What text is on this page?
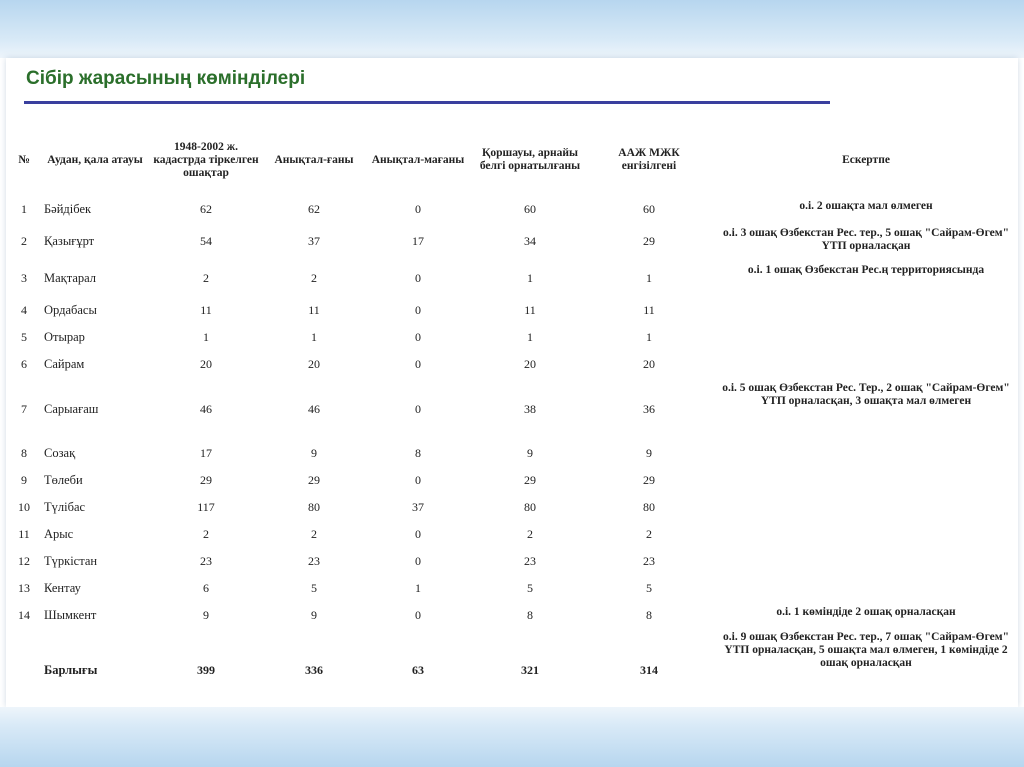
Сібір жарасының көміндiлерi
№	Аудан, қала атауы	1948-2002 ж. кадастрда тіркелген ошақтар	Анықтал-ғаны	Анықтал-мағаны	Қоршауы, арнайы белгі орнатылғаны	ААЖ МЖК енгізілгені	Ескертпе
1	Бәйдібек	62	62	0	60	60	о.і. 2 ошақта мал өлмеген
2	Қазығұрт	54	37	17	34	29	о.і. 3 ошақ Өзбекстан Рес. тер., 5 ошақ "Сайрам-Өгем" ҮТП орналасқан
3	Мақтарал	2	2	0	1	1	о.і. 1 ошақ Өзбекстан Рес.ң территориясында
4	Ордабасы	11	11	0	11	11	
5	Отырар	1	1	0	1	1	
6	Сайрам	20	20	0	20	20	
7	Сарыағаш	46	46	0	38	36	о.і. 5 ошақ Өзбекстан Рес. Тер., 2 ошақ "Сайрам-Өгем" ҮТП орналасқан, 3 ошақта мал өлмеген
8	Созақ	17	9	8	9	9	
9	Төлеби	29	29	0	29	29	
10	Түлібас	117	80	37	80	80	
11	Арыс	2	2	0	2	2	
12	Түркістан	23	23	0	23	23	
13	Кентау	6	5	1	5	5	
14	Шымкент	9	9	0	8	8	о.і. 1 көміндіде 2 ошақ орналасқан
	Барлығы	399	336	63	321	314	о.і. 9 ошақ Өзбекстан Рес. тер., 7 ошақ "Сайрам-Өгем" ҮТП орналасқан, 5 ошақта мал өлмеген, 1 көміндіде 2 ошақ орналасқан
